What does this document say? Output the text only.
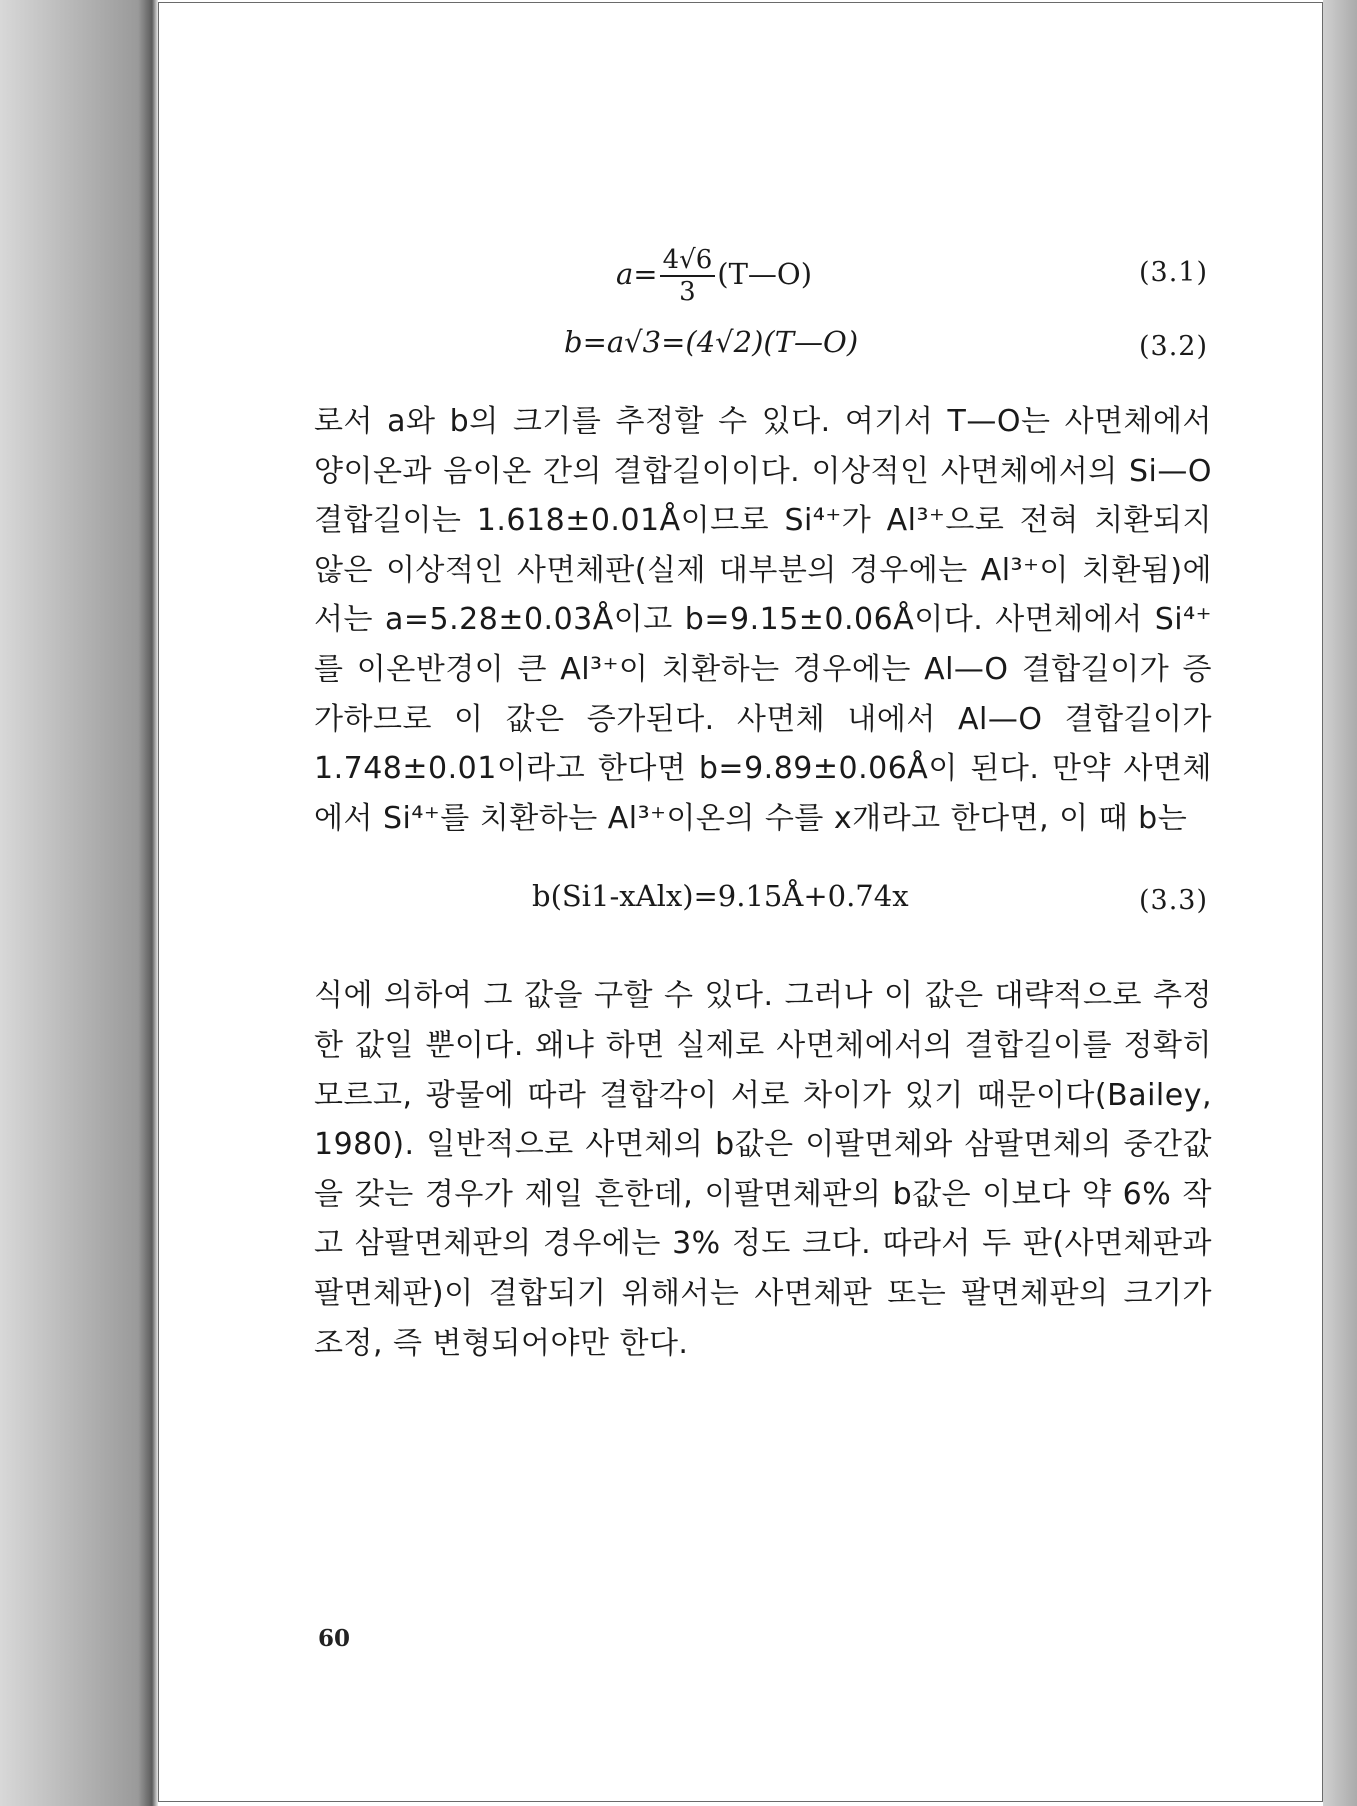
$a= \frac{4√6}{3}$ (T—O)	(3.1)
b=a√3=(4√2)(T—O)	(3.2)

로서 a와 b의 크기를 추정할 수 있다. 여기서 T—O는 사면체에서 양이온과 음이온 간의 결합길이이다. 이상적인 사면체에서의 Si—O 결합길이는 1.618±0.01Å이므로 Si⁴⁺가 Al³⁺으로 전혀 치환되지 않은 이상적인 사면체판(실제 대부분의 경우에는 Al³⁺이 치환됨)에서는 a=5.28±0.03Å이고 b=9.15±0.06Å이다. 사면체에서 Si⁴⁺를 이온반경이 큰 Al³⁺이 치환하는 경우에는 Al—O 결합길이가 증가하므로 이 값은 증가된다. 사면체 내에서 Al—O 결합길이가 1.748±0.01이라고 한다면 b=9.89±0.06Å이 된다. 만약 사면체에서 Si⁴⁺를 치환하는 Al³⁺이온의 수를 x개라고 한다면, 이 때 b는

b(Si1-xAlx)=9.15Å+0.74x	(3.3)

식에 의하여 그 값을 구할 수 있다. 그러나 이 값은 대략적으로 추정한 값일 뿐이다. 왜냐 하면 실제로 사면체에서의 결합길이를 정확히 모르고, 광물에 따라 결합각이 서로 차이가 있기 때문이다(Bailey, 1980). 일반적으로 사면체의 b값은 이팔면체와 삼팔면체의 중간값을 갖는 경우가 제일 흔한데, 이팔면체판의 b값은 이보다 약 6% 작고 삼팔면체판의 경우에는 3% 정도 크다. 따라서 두 판(사면체판과 팔면체판)이 결합되기 위해서는 사면체판 또는 팔면체판의 크기가 조정, 즉 변형되어야만 한다.

60
